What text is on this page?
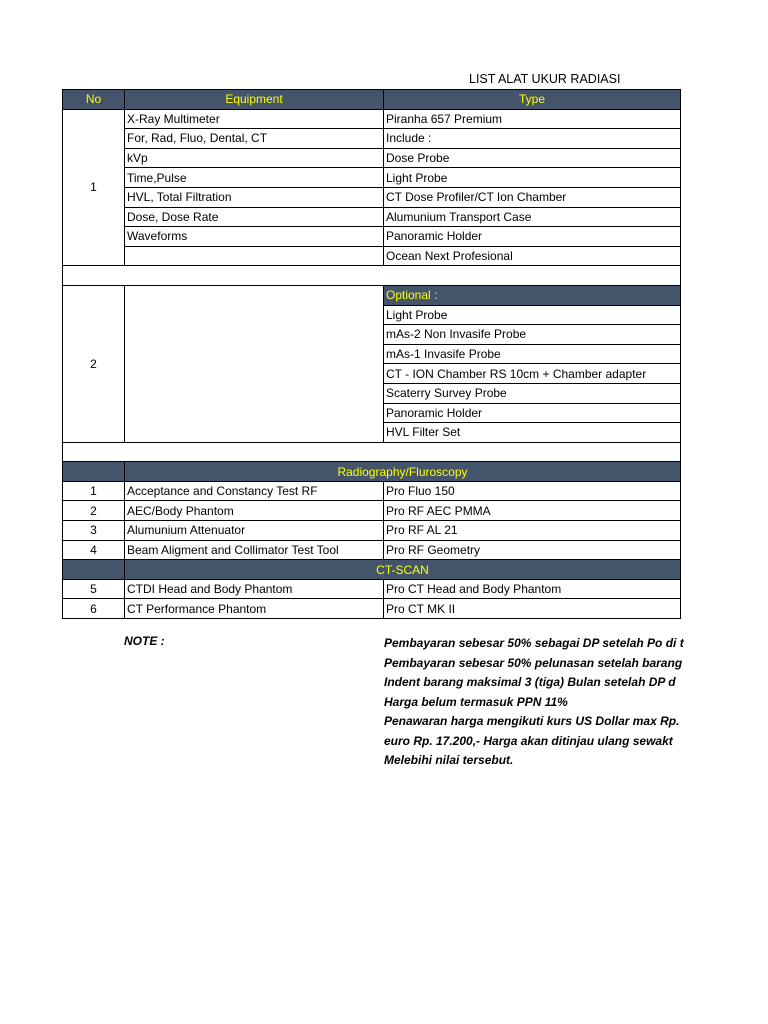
LIST ALAT UKUR RADIASI
No	Equipment	Type
1	X-Ray Multimeter	Piranha 657 Premium
	For, Rad, Fluo, Dental, CT	Include :
	kVp	Dose Probe
	Time,Pulse	Light Probe
	HVL, Total Filtration	CT Dose Profiler/CT Ion Chamber
	Dose, Dose Rate	Alumunium Transport Case
	Waveforms	Panoramic Holder
		Ocean Next Profesional

2		Optional :
		Light Probe
		mAs-2 Non Invasife Probe
		mAs-1 Invasife Probe
		CT - ION Chamber RS 10cm + Chamber adapter
		Scaterry Survey Probe
		Panoramic Holder
		HVL Filter Set

	Radiography/Fluroscopy	
1	Acceptance and Constancy Test RF	Pro Fluo 150
2	AEC/Body Phantom	Pro RF AEC PMMA
3	Alumunium Attenuator	Pro RF AL 21
4	Beam Aligment and Collimator Test Tool	Pro RF Geometry
	CT-SCAN	
5	CTDI Head and Body Phantom	Pro CT Head and Body Phantom
6	CT Performance Phantom	Pro CT MK II
NOTE :	Pembayaran sebesar 50% sebagai DP setelah Po di t
Pembayaran sebesar 50% pelunasan setelah barang
Indent barang maksimal 3 (tiga) Bulan setelah DP d
Harga belum termasuk PPN 11%
Penawaran harga mengikuti kurs US Dollar max Rp.
euro Rp. 17.200,- Harga akan ditinjau ulang sewakt
Melebihi nilai tersebut.
